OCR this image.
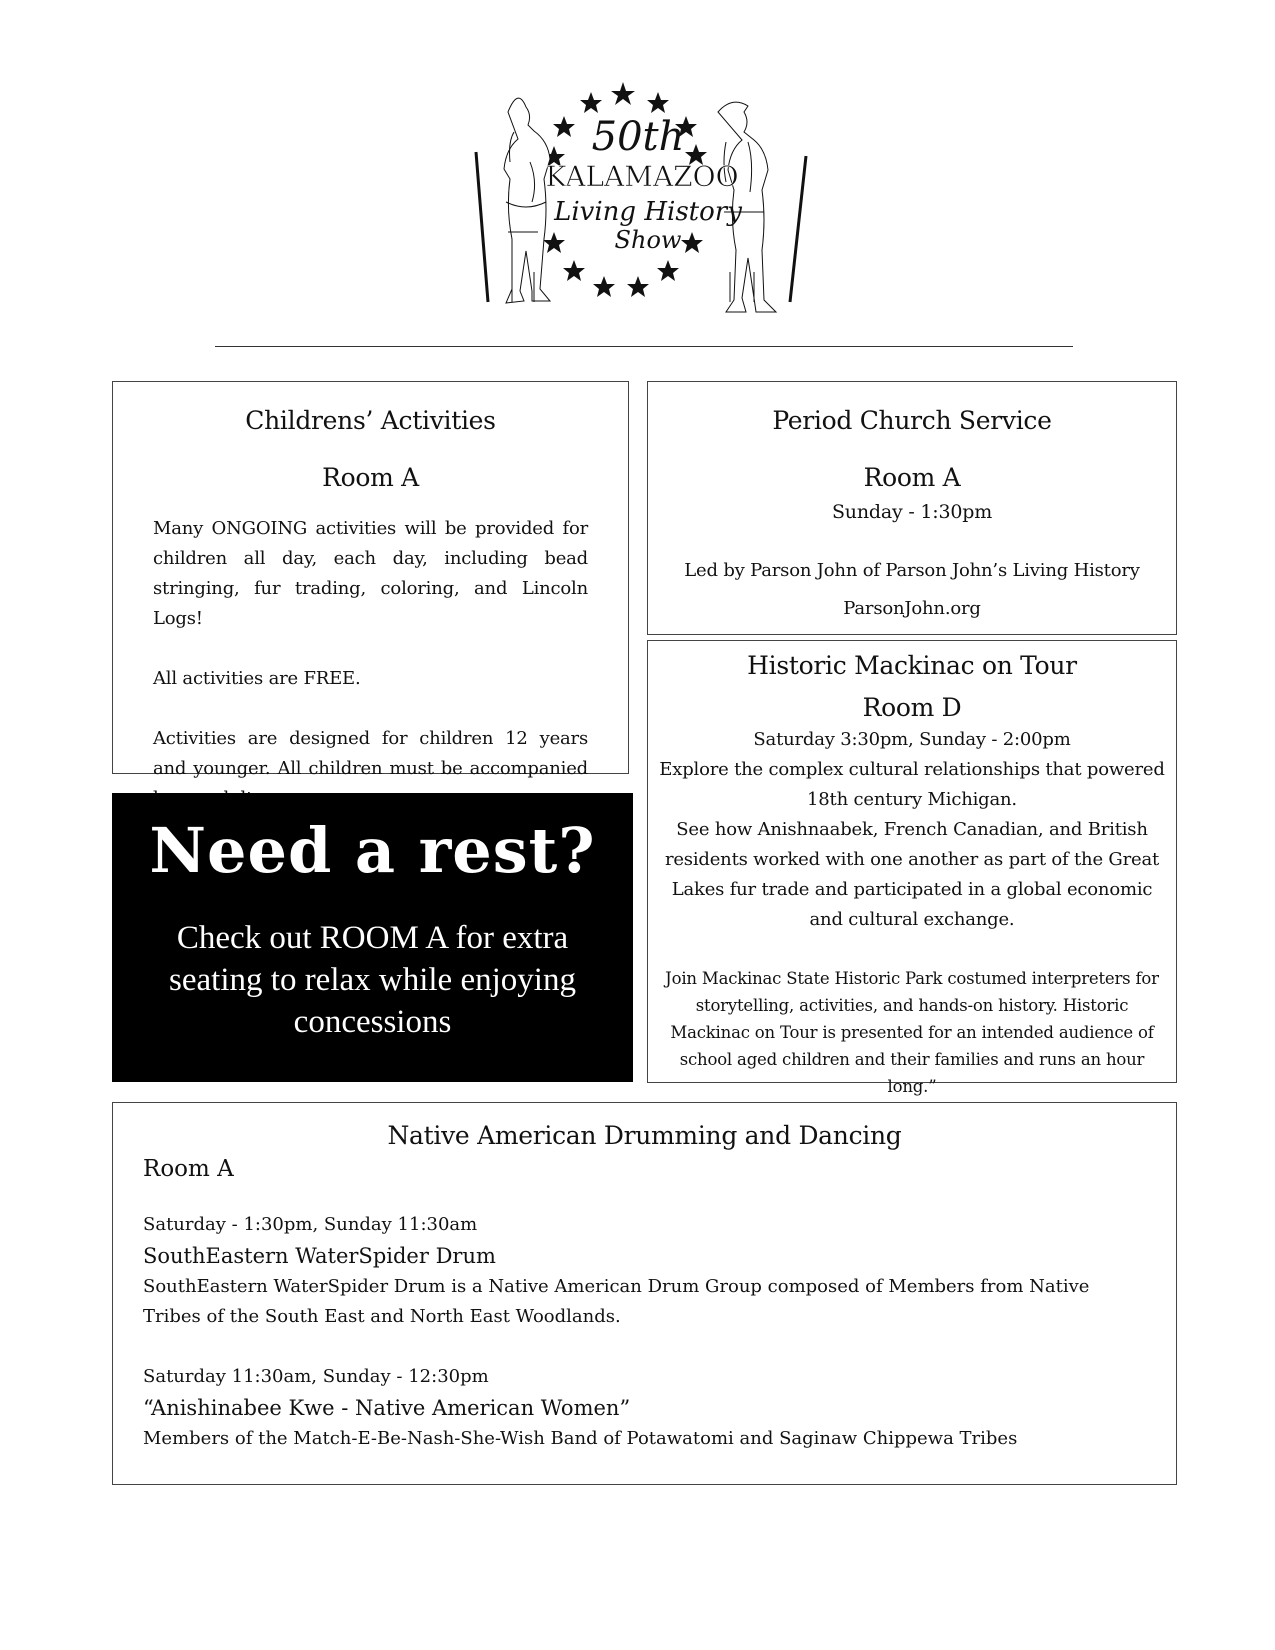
50th
KALAMAZOO
Living History
Show
Childrens’ Activities
Room A

Many ONGOING activities will be provided for children all day, each day, including bead stringing, fur trading, coloring, and Lincoln Logs!

All activities are FREE.

Activities are designed for children 12 years and younger. All children must be accompanied

Period Church Service
Room A
Sunday - 1:30pm
Led by Parson John of Parson John’s Living History
ParsonJohn.org
Historic Mackinac on Tour
Room D
Saturday 3:30pm, Sunday - 2:00pm
Explore the complex cultural relationships that powered
18th century Michigan.
See how Anishnaabek, French Canadian, and British residents worked with one another as part of the Great Lakes fur trade and participated in a global economic and cultural exchange.
Join Mackinac State Historic Park costumed interpreters for storytelling, activities, and hands-on history. Historic Mackinac on Tour is presented for an intended audience of school aged children and their families and runs an hour long.”
Need a rest?
Check out ROOM A for extra seating to relax while enjoying concessions
Native American Drumming and Dancing
Room A
Saturday - 1:30pm, Sunday 11:30am
SouthEastern WaterSpider Drum
SouthEastern WaterSpider Drum is a Native American Drum Group composed of Members from Native Tribes of the South East and North East Woodlands.
Saturday 11:30am, Sunday - 12:30pm
“Anishinabee Kwe - Native American Women”
Members of the Match-E-Be-Nash-She-Wish Band of Potawatomi and Saginaw Chippewa Tribes
